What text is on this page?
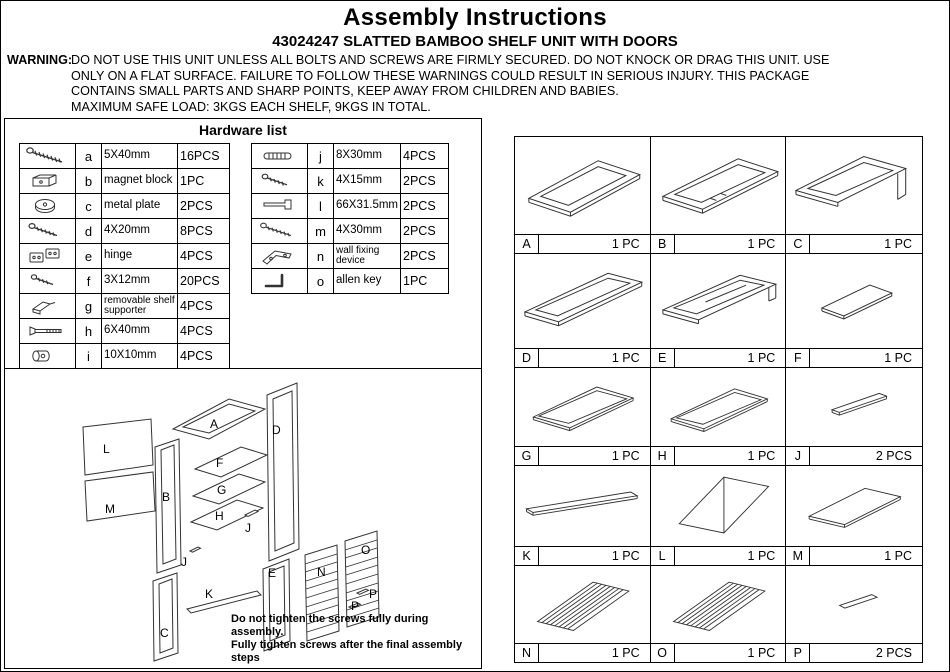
Assembly Instructions
43024247 SLATTED BAMBOO SHELF UNIT WITH DOORS
WARNING:
DO NOT USE THIS UNIT UNLESS ALL BOLTS AND SCREWS ARE FIRMLY SECURED. DO NOT KNOCK OR DRAG THIS UNIT. USE
ONLY ON A FLAT SURFACE. FAILURE TO FOLLOW THESE WARNINGS COULD RESULT IN SERIOUS INJURY. THIS PACKAGE
CONTAINS SMALL PARTS AND SHARP POINTS, KEEP AWAY FROM CHILDREN AND BABIES.
MAXIMUM SAFE LOAD: 3KGS EACH SHELF, 9KGS IN TOTAL.
Hardware list
	a	5X40mm	16PCS

	b	magnet block	1PC

	c	metal plate	2PCS

	d	4X20mm	8PCS

	e	hinge	4PCS

	f	3X12mm	20PCS

	g	removable shelf supporter	4PCS

	h	6X40mm	4PCS

	i	10X10mm	4PCS
	j	8X30mm	4PCS

	k	4X15mm	2PCS

	l	66X31.5mm	2PCS

	m	4X30mm	2PCS

	n	wall fixing device	2PCS

	o	allen key	1PC
A	D
L
F
B	G
M	H
J
E
J
O
N
K
P
P
C
Do not tighten the screws fully during assembly.
Fully tighten screws after the final assembly steps
A	1 PC	B	1 PC	C	1 PC
D	1 PC	E	1 PC	F	1 PC
G	1 PC	H	1 PC	J	2 PCS
K	1 PC	L	1 PC	M	1 PC
N	1 PC	O	1 PC	P	2 PCS
